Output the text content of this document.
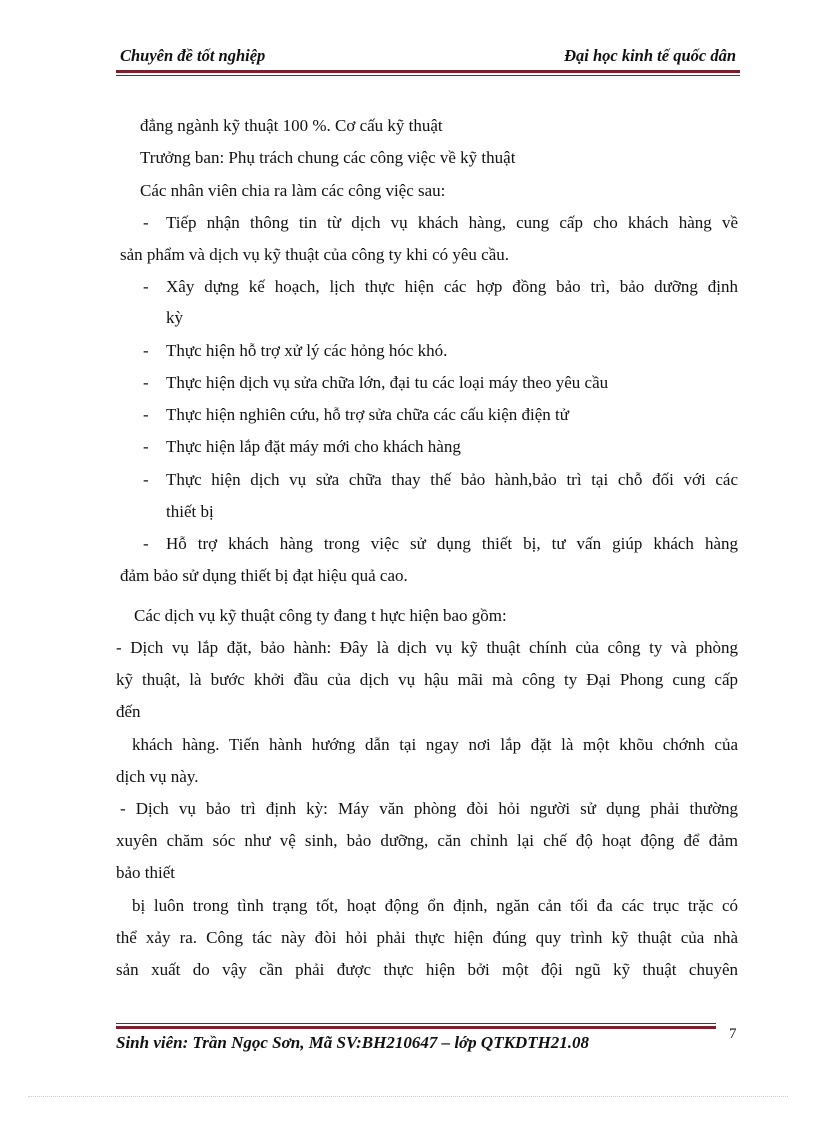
Chuyên đề tốt nghiệp	Đại học kinh tế quốc dân
đẳng ngành kỹ thuật 100 %. Cơ cấu kỹ thuật
Trưởng ban: Phụ trách chung các công việc về kỹ thuật
Các nhân viên chia ra làm các công việc sau:
- Tiếp nhận thông tin từ dịch vụ khách hàng, cung cấp cho khách hàng về
sản phẩm và dịch vụ kỹ thuật của công ty khi có yêu cầu.
- Xây dựng kế hoạch, lịch thực hiện các hợp đồng bảo trì, bảo dưỡng định
kỳ
- Thực hiện hỗ trợ xử lý các hỏng hóc khó.
- Thực hiện dịch vụ sửa chữa lớn, đại tu các loại máy theo yêu cầu
- Thực hiện nghiên cứu, hỗ trợ sửa chữa các cấu kiện điện tử
- Thực hiện lắp đặt máy mới cho khách hàng
- Thực hiện dịch vụ sửa chữa thay thế bảo hành,bảo trì tại chỗ đối với các
thiết bị
- Hỗ trợ khách hàng trong việc sử dụng thiết bị, tư vấn giúp khách hàng
đảm bảo sử dụng thiết bị đạt hiệu quả cao.
Các dịch vụ kỹ thuật công ty đang t hực hiện bao gồm:
- Dịch vụ lắp đặt, bảo hành: Đây là dịch vụ kỹ thuật chính của công ty và phòng
kỹ thuật, là bước khởi đầu của dịch vụ hậu mãi mà công ty Đại Phong cung cấp
đến
khách hàng. Tiến hành hướng dẫn tại ngay nơi lắp đặt là một khõu chớnh của
dịch vụ này.
- Dịch vụ bảo trì định kỳ: Máy văn phòng đòi hỏi người sử dụng phải thường
xuyên chăm sóc như vệ sinh, bảo dưỡng, căn chỉnh lại chế độ hoạt động để đảm
bảo thiết
bị luôn trong tình trạng tốt, hoạt động ổn định, ngăn cản tối đa các trục trặc có
thể xảy ra. Công tác này đòi hỏi phải thực hiện đúng quy trình kỹ thuật của nhà
sản xuất do vậy cần phải được thực hiện bởi một đội ngũ kỹ thuật chuyên
Sinh viên: Trần Ngọc Sơn, Mã SV:BH210647 – lớp QTKDTH21.08	7
